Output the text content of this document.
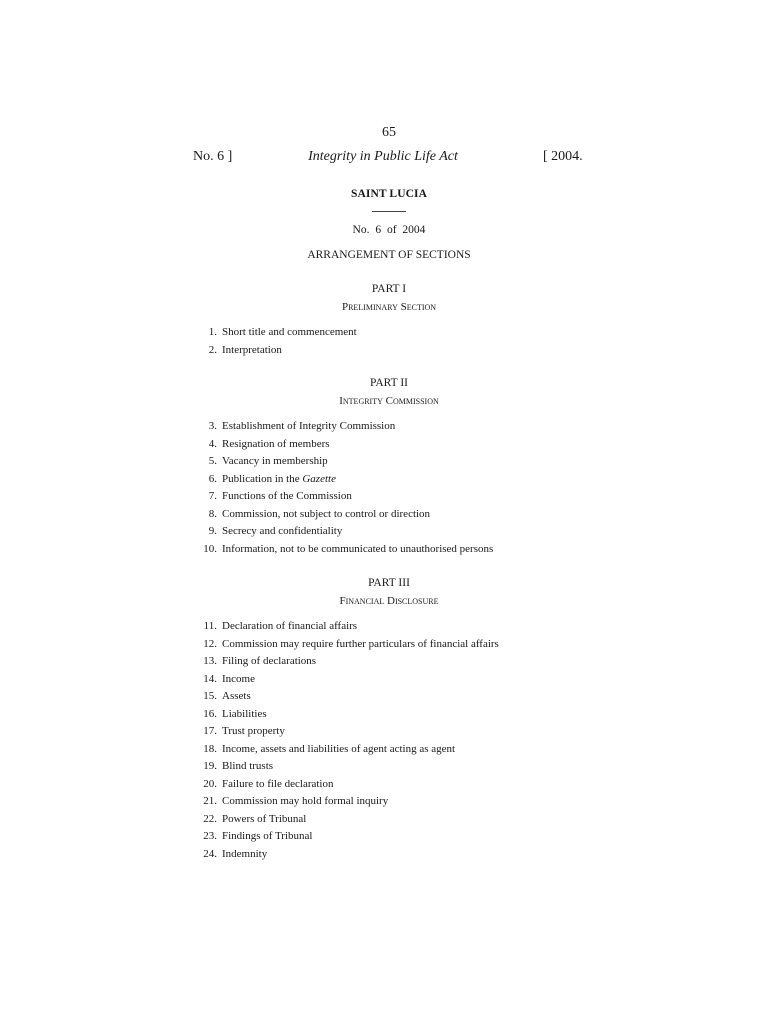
65
No. 6 ]	Integrity in Public Life Act	[ 2004.
SAINT LUCIA
No. 6 of 2004
ARRANGEMENT OF SECTIONS
PART I
Preliminary Section
1. Short title and commencement
2. Interpretation
PART II
Integrity Commission
3. Establishment of Integrity Commission
4. Resignation of members
5. Vacancy in membership
6. Publication in the Gazette
7. Functions of the Commission
8. Commission, not subject to control or direction
9. Secrecy and confidentiality
10. Information, not to be communicated to unauthorised persons
PART III
Financial Disclosure
11. Declaration of financial affairs
12. Commission may require further particulars of financial affairs
13. Filing of declarations
14. Income
15. Assets
16. Liabilities
17. Trust property
18. Income, assets and liabilities of agent acting as agent
19. Blind trusts
20. Failure to file declaration
21. Commission may hold formal inquiry
22. Powers of Tribunal
23. Findings of Tribunal
24. Indemnity
